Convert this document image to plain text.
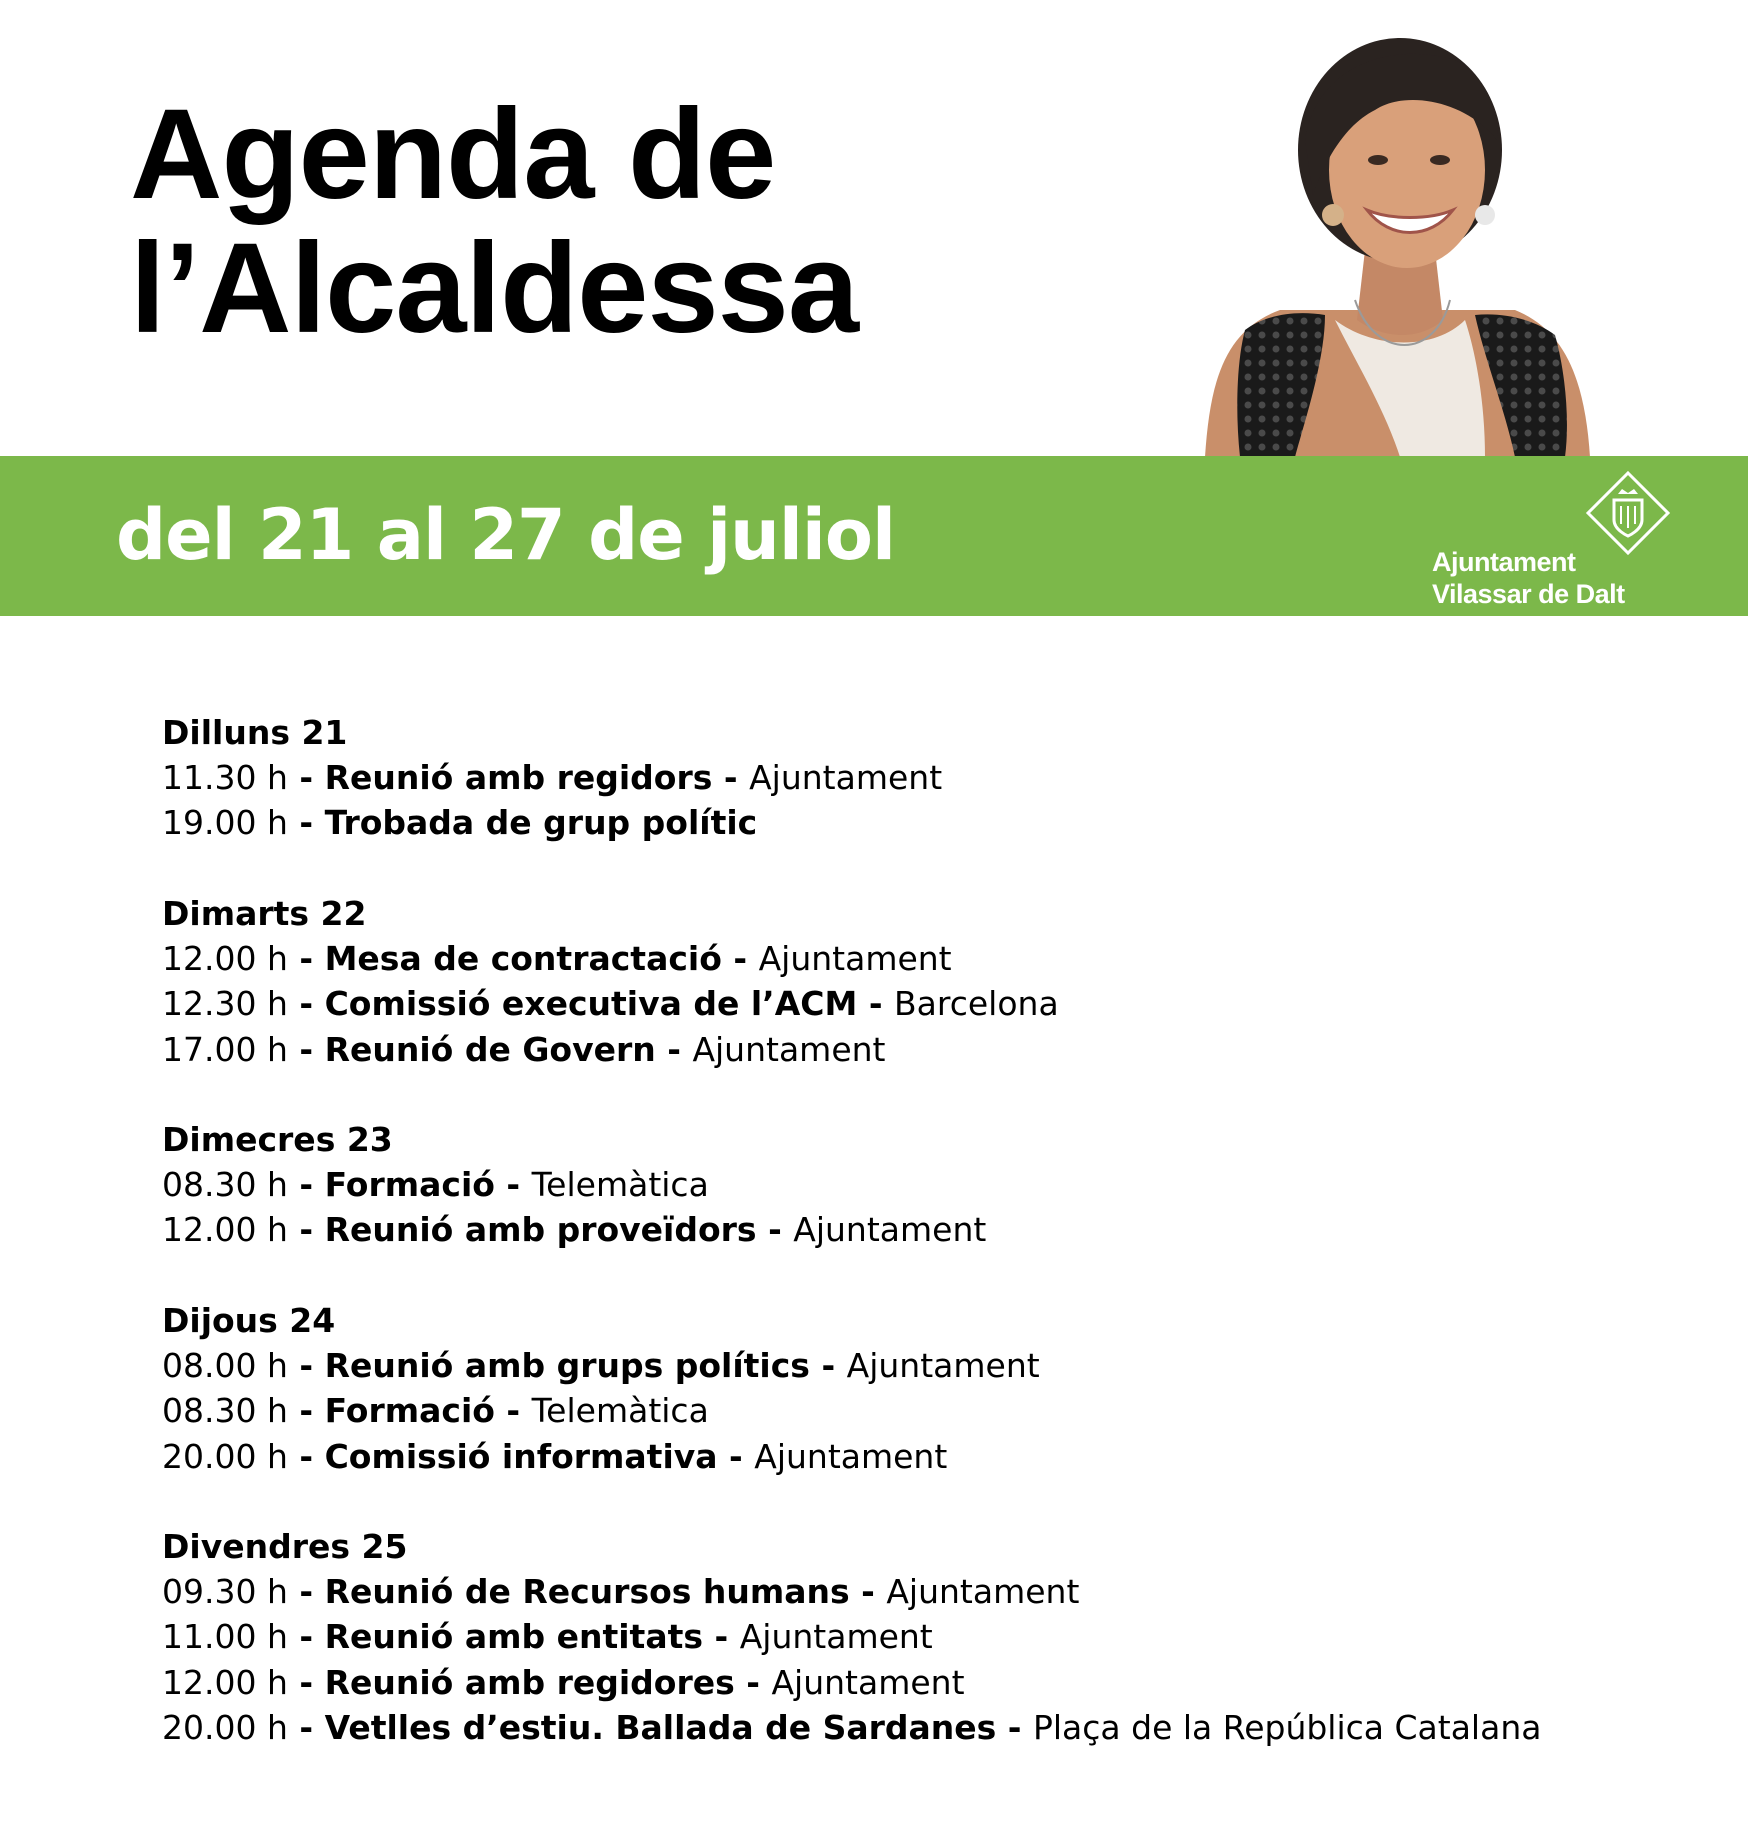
Agenda de
l’Alcaldessa
del 21 al 27 de juliol	Ajuntament
Vilassar de Dalt
Dilluns 21
11.30 h - Reunió amb regidors - Ajuntament
19.00 h - Trobada de grup polític
Dimarts 22
12.00 h - Mesa de contractació - Ajuntament
12.30 h - Comissió executiva de l’ACM - Barcelona
17.00 h - Reunió de Govern - Ajuntament
Dimecres 23
08.30 h - Formació - Telemàtica
12.00 h - Reunió amb proveïdors - Ajuntament
Dijous 24
08.00 h - Reunió amb grups polítics - Ajuntament
08.30 h - Formació - Telemàtica
20.00 h - Comissió informativa - Ajuntament
Divendres 25
09.30 h - Reunió de Recursos humans - Ajuntament
11.00 h - Reunió amb entitats - Ajuntament
12.00 h - Reunió amb regidores - Ajuntament
20.00 h - Vetlles d’estiu. Ballada de Sardanes - Plaça de la República Catalana
